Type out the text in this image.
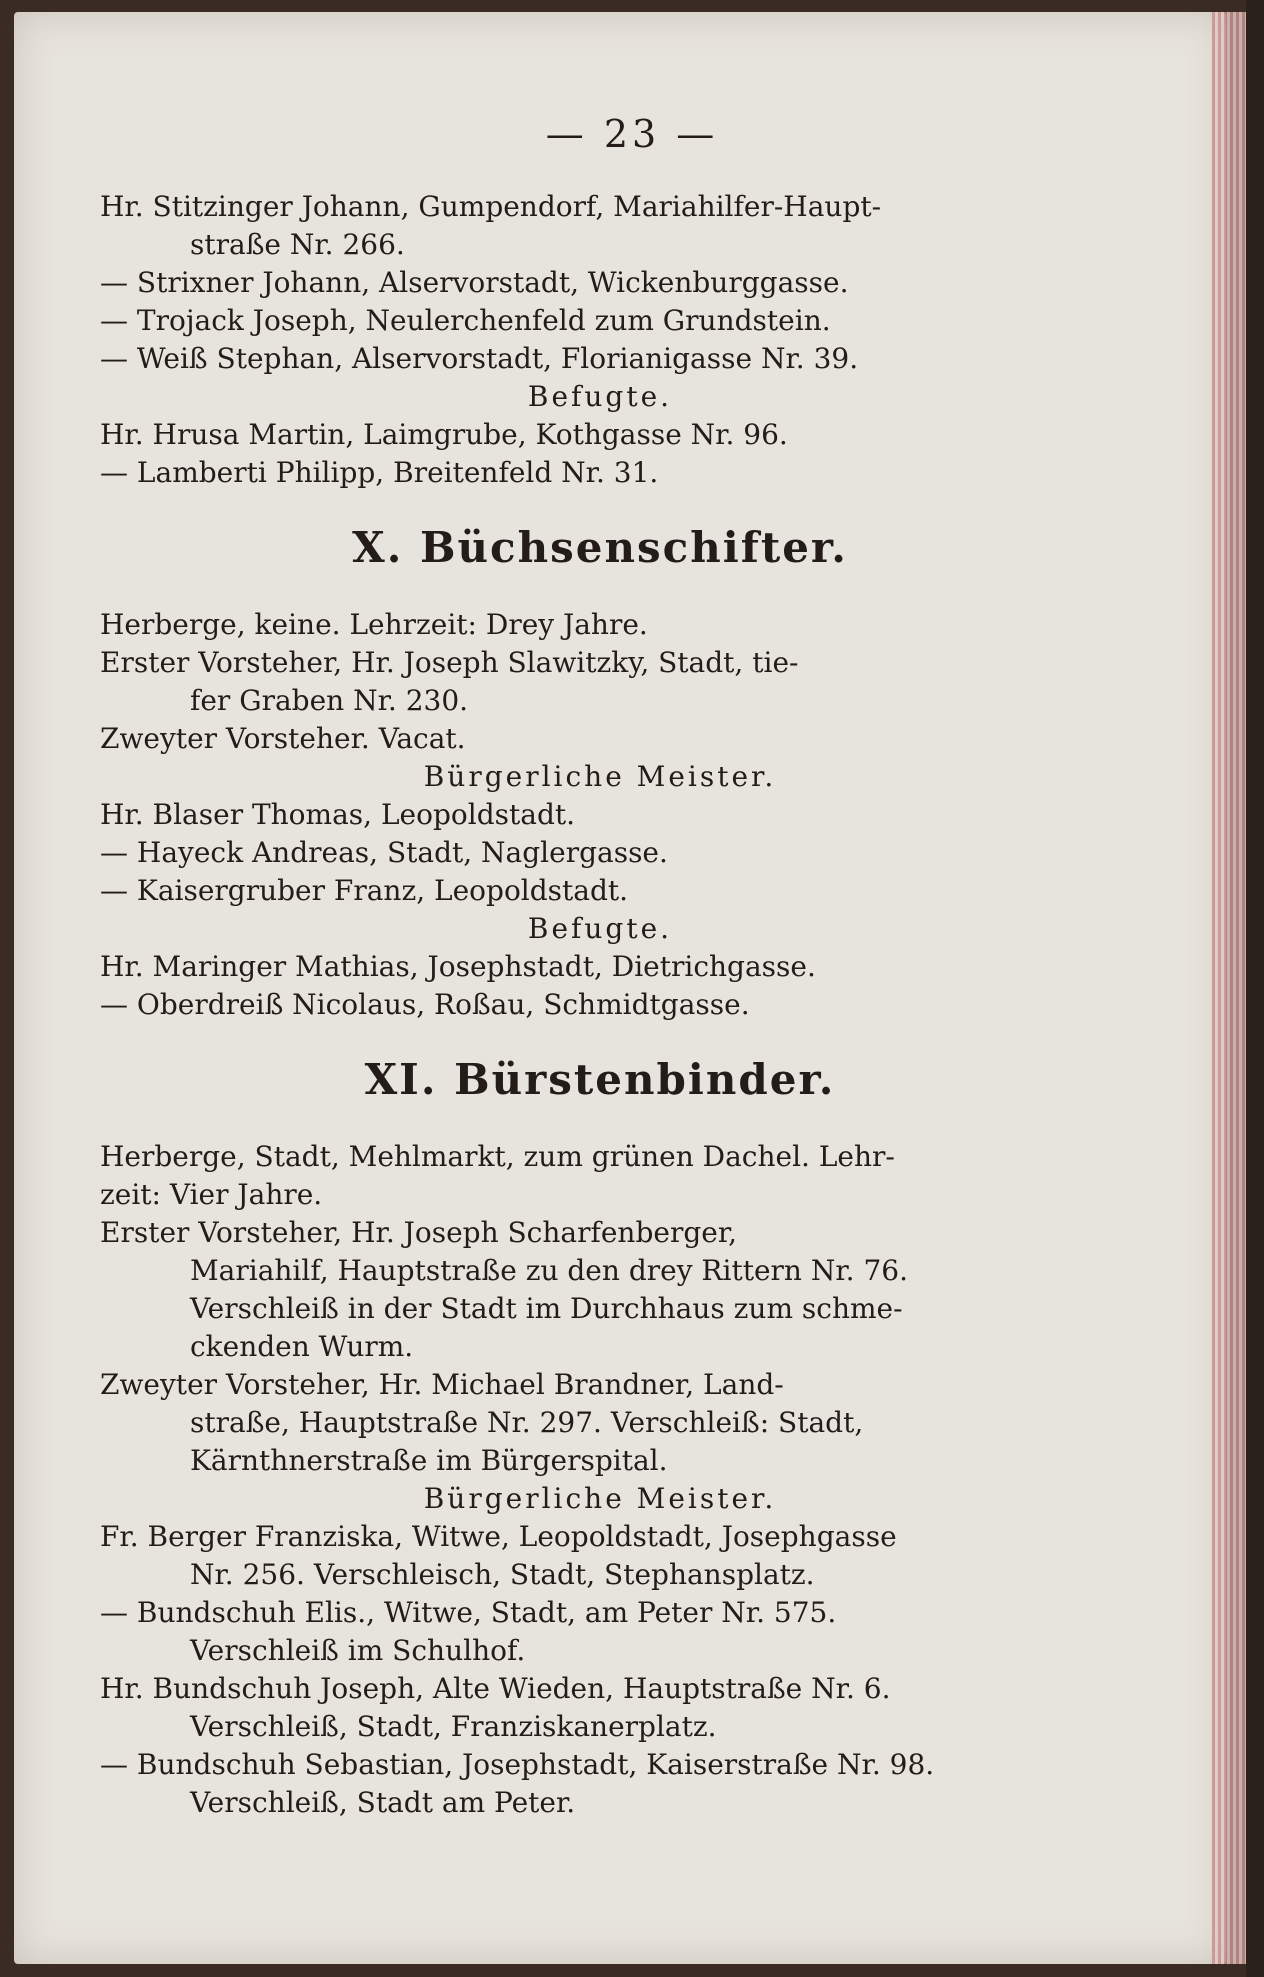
— 23 —
Hr. Stitzinger Johann, Gumpendorf, Mariahilfer-Haupt-
straße Nr. 266.
— Strixner Johann, Alservorstadt, Wickenburggasse.
— Trojack Joseph, Neulerchenfeld zum Grundstein.
— Weiß Stephan, Alservorstadt, Florianigasse Nr. 39.
Befugte.
Hr. Hrusa Martin, Laimgrube, Kothgasse Nr. 96.
— Lamberti Philipp, Breitenfeld Nr. 31.
X. Büchsenschifter.
Herberge, keine. Lehrzeit: Drey Jahre.
Erster Vorsteher, Hr. Joseph Slawitzky, Stadt, tie-
fer Graben Nr. 230.
Zweyter Vorsteher. Vacat.
Bürgerliche Meister.
Hr. Blaser Thomas, Leopoldstadt.
— Hayeck Andreas, Stadt, Naglergasse.
— Kaisergruber Franz, Leopoldstadt.
Befugte.
Hr. Maringer Mathias, Josephstadt, Dietrichgasse.
— Oberdreiß Nicolaus, Roßau, Schmidtgasse.
XI. Bürstenbinder.
Herberge, Stadt, Mehlmarkt, zum grünen Dachel. Lehr-
zeit: Vier Jahre.
Erster Vorsteher, Hr. Joseph Scharfenberger,
Mariahilf, Hauptstraße zu den drey Rittern Nr. 76.
Verschleiß in der Stadt im Durchhaus zum schme-
ckenden Wurm.
Zweyter Vorsteher, Hr. Michael Brandner, Land-
straße, Hauptstraße Nr. 297. Verschleiß: Stadt,
Kärnthnerstraße im Bürgerspital.
Bürgerliche Meister.
Fr. Berger Franziska, Witwe, Leopoldstadt, Josephgasse
Nr. 256. Verschleisch, Stadt, Stephansplatz.
— Bundschuh Elis., Witwe, Stadt, am Peter Nr. 575.
Verschleiß im Schulhof.
Hr. Bundschuh Joseph, Alte Wieden, Hauptstraße Nr. 6.
Verschleiß, Stadt, Franziskanerplatz.
— Bundschuh Sebastian, Josephstadt, Kaiserstraße Nr. 98.
Verschleiß, Stadt am Peter.
